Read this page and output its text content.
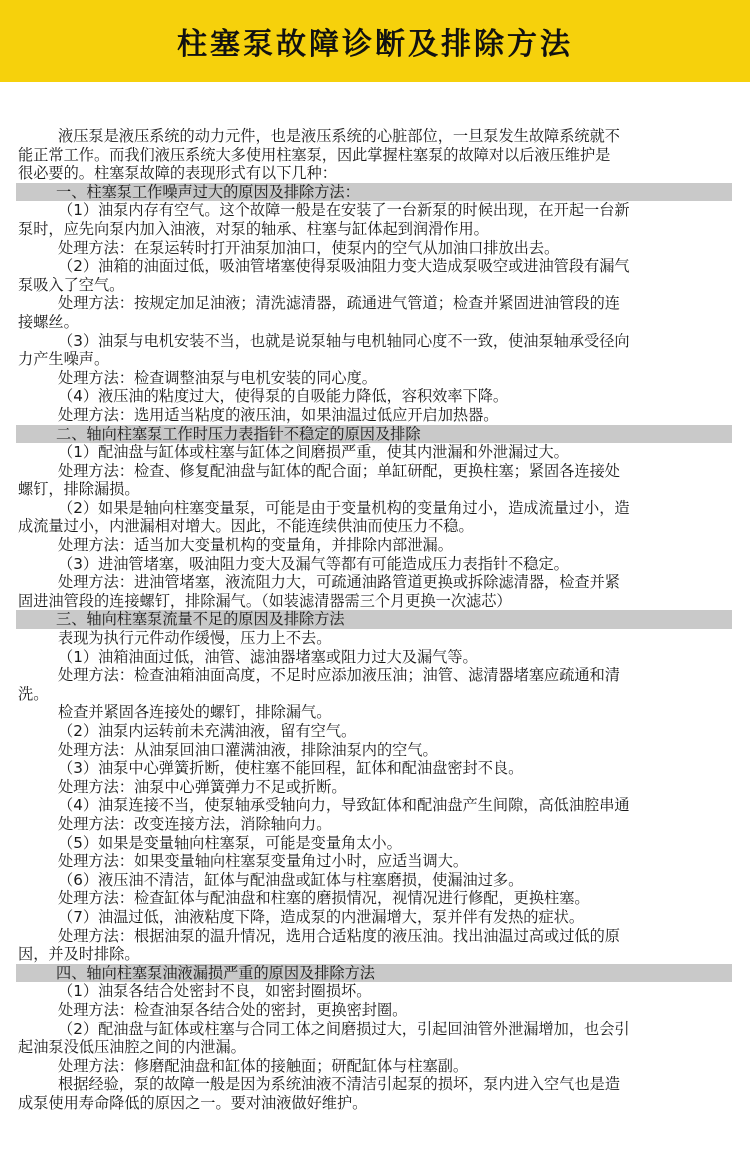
柱塞泵故障诊断及排除方法
液压泵是液压系统的动力元件，也是液压系统的心脏部位，一旦泵发生故障系统就不
能正常工作。而我们液压系统大多使用柱塞泵，因此掌握柱塞泵的故障对以后液压维护是
很必要的。柱塞泵故障的表现形式有以下几种：
一、柱塞泵工作噪声过大的原因及排除方法：
（1）油泵内存有空气。这个故障一般是在安装了一台新泵的时候出现，在开起一台新
泵时，应先向泵内加入油液，对泵的轴承、柱塞与缸体起到润滑作用。
处理方法：在泵运转时打开油泵加油口，使泵内的空气从加油口排放出去。
（2）油箱的油面过低，吸油管堵塞使得泵吸油阻力变大造成泵吸空或进油管段有漏气
泵吸入了空气。
处理方法：按规定加足油液；清洗滤清器，疏通进气管道；检查并紧固进油管段的连
接螺丝。
（3）油泵与电机安装不当，也就是说泵轴与电机轴同心度不一致，使油泵轴承受径向
力产生噪声。
处理方法：检查调整油泵与电机安装的同心度。
（4）液压油的粘度过大，使得泵的自吸能力降低，容积效率下降。
处理方法：选用适当粘度的液压油，如果油温过低应开启加热器。
二、轴向柱塞泵工作时压力表指针不稳定的原因及排除
（1）配油盘与缸体或柱塞与缸体之间磨损严重，使其内泄漏和外泄漏过大。
处理方法：检查、修复配油盘与缸体的配合面；单缸研配，更换柱塞；紧固各连接处
螺钉，排除漏损。
（2）如果是轴向柱塞变量泵，可能是由于变量机构的变量角过小，造成流量过小，造
成流量过小，内泄漏相对增大。因此，不能连续供油而使压力不稳。
处理方法：适当加大变量机构的变量角，并排除内部泄漏。
（3）进油管堵塞，吸油阻力变大及漏气等都有可能造成压力表指针不稳定。
处理方法：进油管堵塞，液流阻力大，可疏通油路管道更换或拆除滤清器，检查并紧
固进油管段的连接螺钉，排除漏气。（如装滤清器需三个月更换一次滤芯）
三、轴向柱塞泵流量不足的原因及排除方法
表现为执行元件动作缓慢，压力上不去。
（1）油箱油面过低，油管、滤油器堵塞或阻力过大及漏气等。
处理方法：检查油箱油面高度，不足时应添加液压油；油管、滤清器堵塞应疏通和清
洗。
检查并紧固各连接处的螺钉，排除漏气。
（2）油泵内运转前未充满油液，留有空气。
处理方法：从油泵回油口灌满油液，排除油泵内的空气。
（3）油泵中心弹簧折断，使柱塞不能回程，缸体和配油盘密封不良。
处理方法：油泵中心弹簧弹力不足或折断。
（4）油泵连接不当，使泵轴承受轴向力，导致缸体和配油盘产生间隙，高低油腔串通
处理方法：改变连接方法，消除轴向力。
（5）如果是变量轴向柱塞泵，可能是变量角太小。
处理方法：如果变量轴向柱塞泵变量角过小时，应适当调大。
（6）液压油不清洁，缸体与配油盘或缸体与柱塞磨损，使漏油过多。
处理方法：检查缸体与配油盘和柱塞的磨损情况，视情况进行修配，更换柱塞。
（7）油温过低，油液粘度下降，造成泵的内泄漏增大，泵并伴有发热的症状。
处理方法：根据油泵的温升情况，选用合适粘度的液压油。找出油温过高或过低的原
因，并及时排除。
四、轴向柱塞泵油液漏损严重的原因及排除方法
（1）油泵各结合处密封不良，如密封圈损坏。
处理方法：检查油泵各结合处的密封，更换密封圈。
（2）配油盘与缸体或柱塞与合同工体之间磨损过大，引起回油管外泄漏增加，也会引
起油泵没低压油腔之间的内泄漏。
处理方法：修磨配油盘和缸体的接触面；研配缸体与柱塞副。
根据经验，泵的故障一般是因为系统油液不清洁引起泵的损坏，泵内进入空气也是造
成泵使用寿命降低的原因之一。要对油液做好维护。
